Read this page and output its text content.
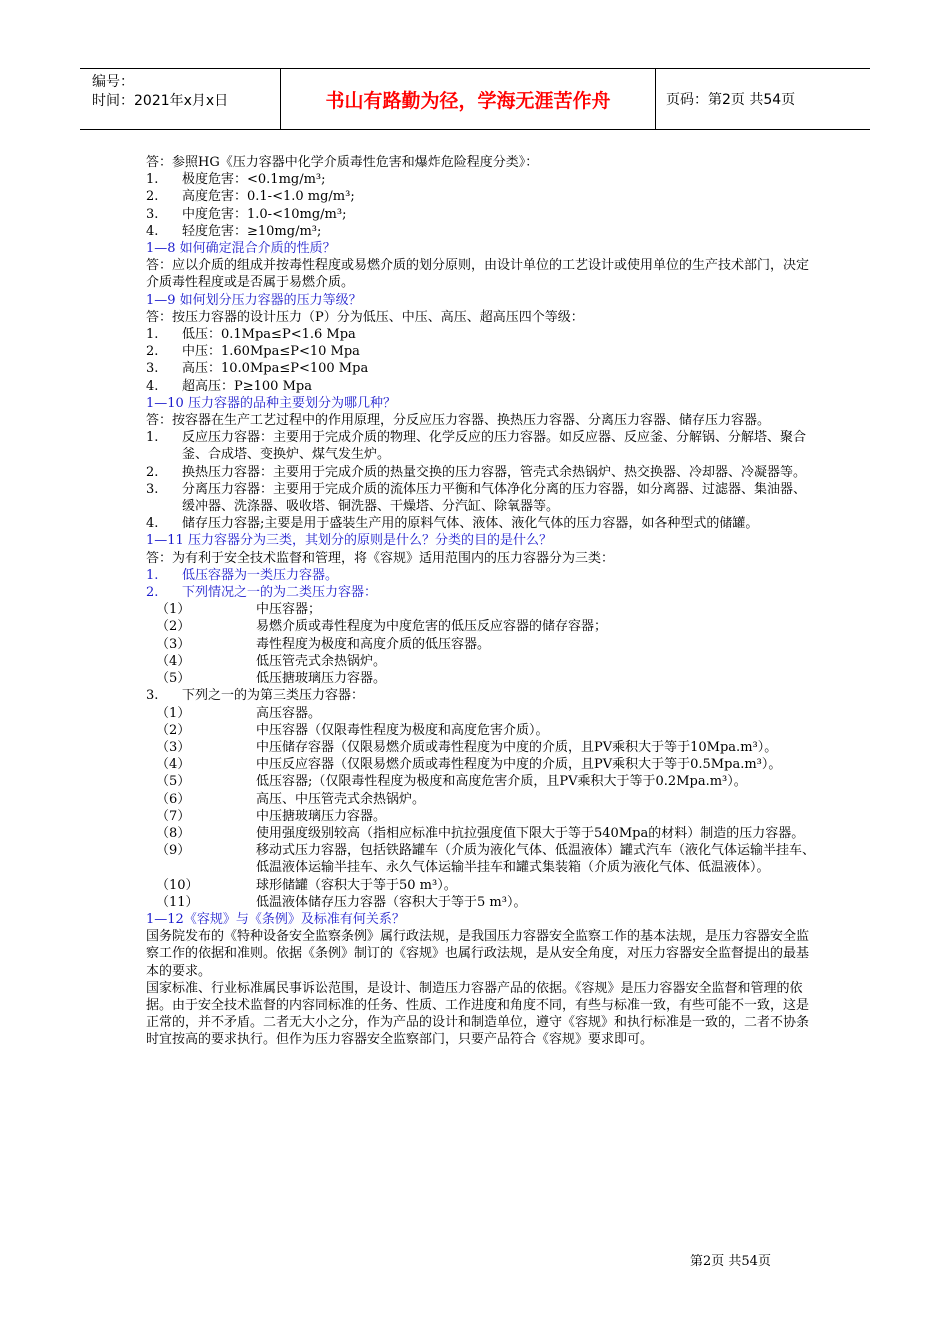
编号：
时间：2021年x月x日	书山有路勤为径，学海无涯苦作舟	页码：第2页 共54页
答：参照HG《压力容器中化学介质毒性危害和爆炸危险程度分类》：
1. 极度危害：<0.1mg/m³;
2. 高度危害：0.1-<1.0 mg/m³;
3. 中度危害：1.0-<10mg/m³;
4. 轻度危害：≥10mg/m³;
1—8 如何确定混合介质的性质？
答：应以介质的组成并按毒性程度或易燃介质的划分原则，由设计单位的工艺设计或使用单位的生产技术部门，决定介质毒性程度或是否属于易燃介质。
1—9 如何划分压力容器的压力等级？
答：按压力容器的设计压力（P）分为低压、中压、高压、超高压四个等级：
1. 低压：0.1Mpa≤P<1.6 Mpa
2. 中压：1.60Mpa≤P<10 Mpa
3. 高压：10.0Mpa≤P<100 Mpa
4. 超高压：P≥100 Mpa
1—10 压力容器的品种主要划分为哪几种？
答：按容器在生产工艺过程中的作用原理，分反应压力容器、换热压力容器、分离压力容器、储存压力容器。
1. 反应压力容器：主要用于完成介质的物理、化学反应的压力容器。如反应器、反应釜、分解锅、分解塔、聚合釜、合成塔、变换炉、煤气发生炉。
2. 换热压力容器：主要用于完成介质的热量交换的压力容器，管壳式余热锅炉、热交换器、冷却器、冷凝器等。
3. 分离压力容器：主要用于完成介质的流体压力平衡和气体净化分离的压力容器，如分离器、过滤器、集油器、缓冲器、洗涤器、吸收塔、铜洗器、干燥塔、分汽缸、除氧器等。
4. 储存压力容器;主要是用于盛装生产用的原料气体、液体、液化气体的压力容器，如各种型式的储罐。
1—11 压力容器分为三类，其划分的原则是什么？分类的目的是什么？
答：为有利于安全技术监督和管理，将《容规》适用范围内的压力容器分为三类：
1. 低压容器为一类压力容器。
2. 下列情况之一的为二类压力容器：
（1）	中压容器；
（2）	易燃介质或毒性程度为中度危害的低压反应容器的储存容器；
（3）	毒性程度为极度和高度介质的低压容器。
（4）	低压管壳式余热锅炉。
（5）	低压搪玻璃压力容器。
3. 下列之一的为第三类压力容器：
（1）	高压容器。
（2）	中压容器（仅限毒性程度为极度和高度危害介质）。
（3）	中压储存容器（仅限易燃介质或毒性程度为中度的介质，且PV乘积大于等于10Mpa.m³）。
（4）	中压反应容器（仅限易燃介质或毒性程度为中度的介质，且PV乘积大于等于0.5Mpa.m³）。
（5）	低压容器;（仅限毒性程度为极度和高度危害介质，且PV乘积大于等于0.2Mpa.m³）。
（6）	高压、中压管壳式余热锅炉。
（7）	中压搪玻璃压力容器。
（8）	使用强度级别较高（指相应标准中抗拉强度值下限大于等于540Mpa的材料）制造的压力容器。
（9）	移动式压力容器，包括铁路罐车（介质为液化气体、低温液体）罐式汽车（液化气体运输半挂车、低温液体运输半挂车、永久气体运输半挂车和罐式集装箱（介质为液化气体、低温液体）。
（10）	球形储罐（容积大于等于50 m³）。
（11）	低温液体储存压力容器（容积大于等于5 m³）。
1—12《容规》与《条例》及标准有何关系？
国务院发布的《特种设备安全监察条例》属行政法规，是我国压力容器安全监察工作的基本法规，是压力容器安全监察工作的依据和准则。依据《条例》制订的《容规》也属行政法规，是从安全角度，对压力容器安全监督提出的最基本的要求。
国家标准、行业标准属民事诉讼范围，是设计、制造压力容器产品的依据。《容规》是压力容器安全监督和管理的依据。由于安全技术监督的内容同标准的任务、性质、工作进度和角度不同，有些与标准一致，有些可能不一致，这是正常的，并不矛盾。二者无大小之分，作为产品的设计和制造单位，遵守《容规》和执行标准是一致的，二者不协条时宜按高的要求执行。但作为压力容器安全监察部门，只要产品符合《容规》要求即可。
第2页 共54页
